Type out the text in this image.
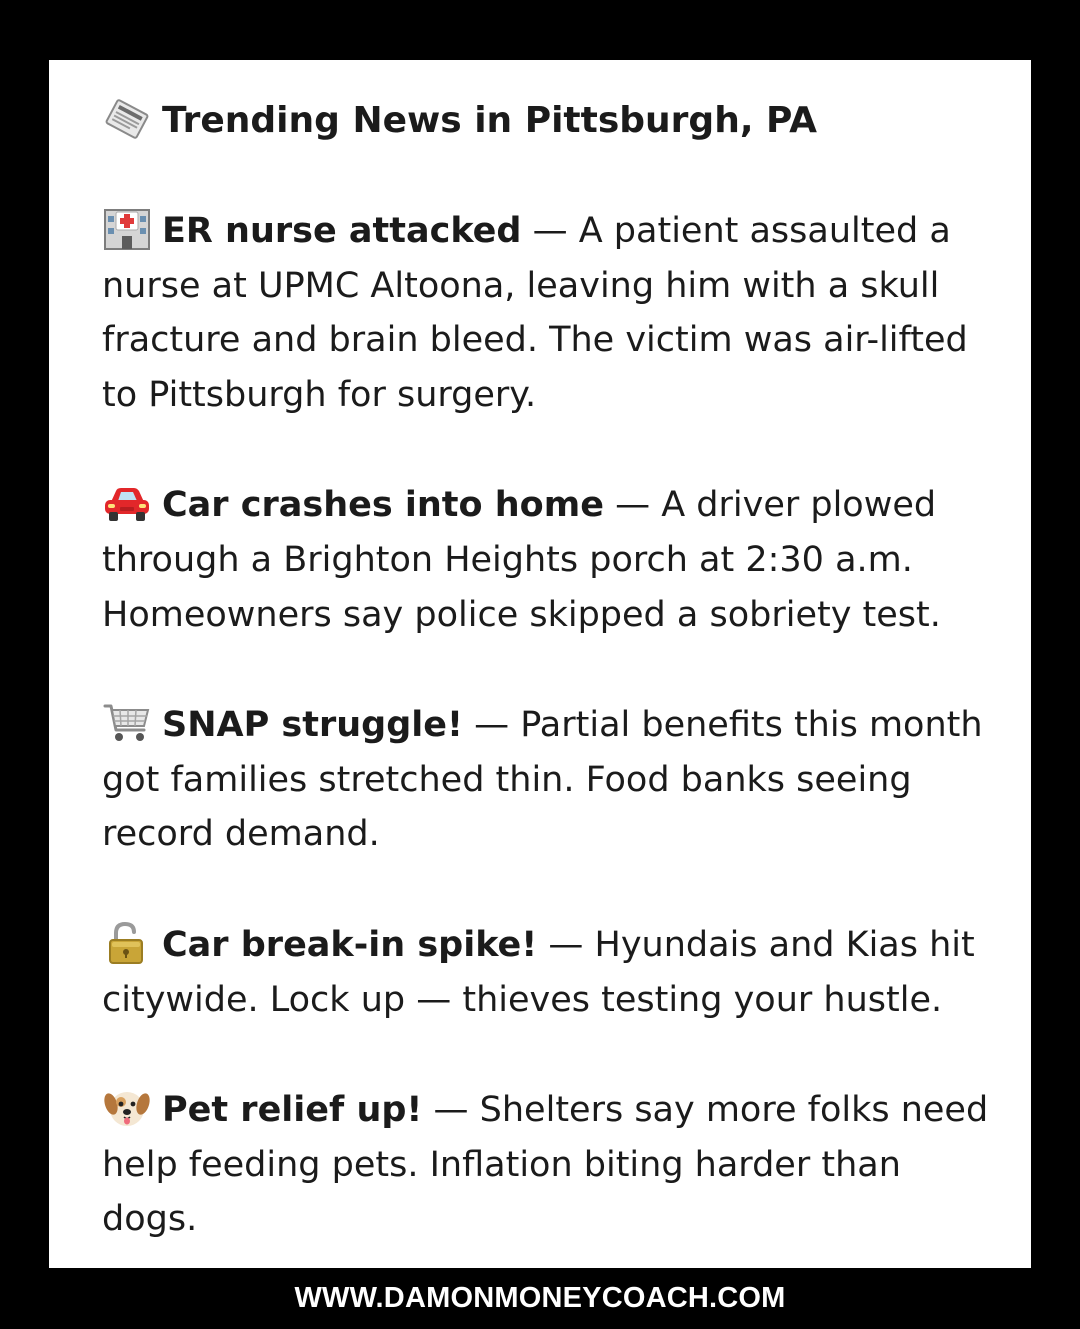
Trending News in Pittsburgh, PA

ER nurse attacked — A patient assaulted a nurse at UPMC Altoona, leaving him with a skull fracture and brain bleed. The victim was air-lifted to Pittsburgh for surgery.
Car crashes into home — A driver plowed through a Brighton Heights porch at 2:30 a.m. Homeowners say police skipped a sobriety test.
SNAP struggle! — Partial benefits this month got families stretched thin. Food banks seeing record demand.
Car break-in spike! — Hyundais and Kias hit citywide. Lock up — thieves testing your hustle.
Pet relief up! — Shelters say more folks need help feeding pets. Inflation biting harder than dogs.
WWW.DAMONMONEYCOACH.COM
